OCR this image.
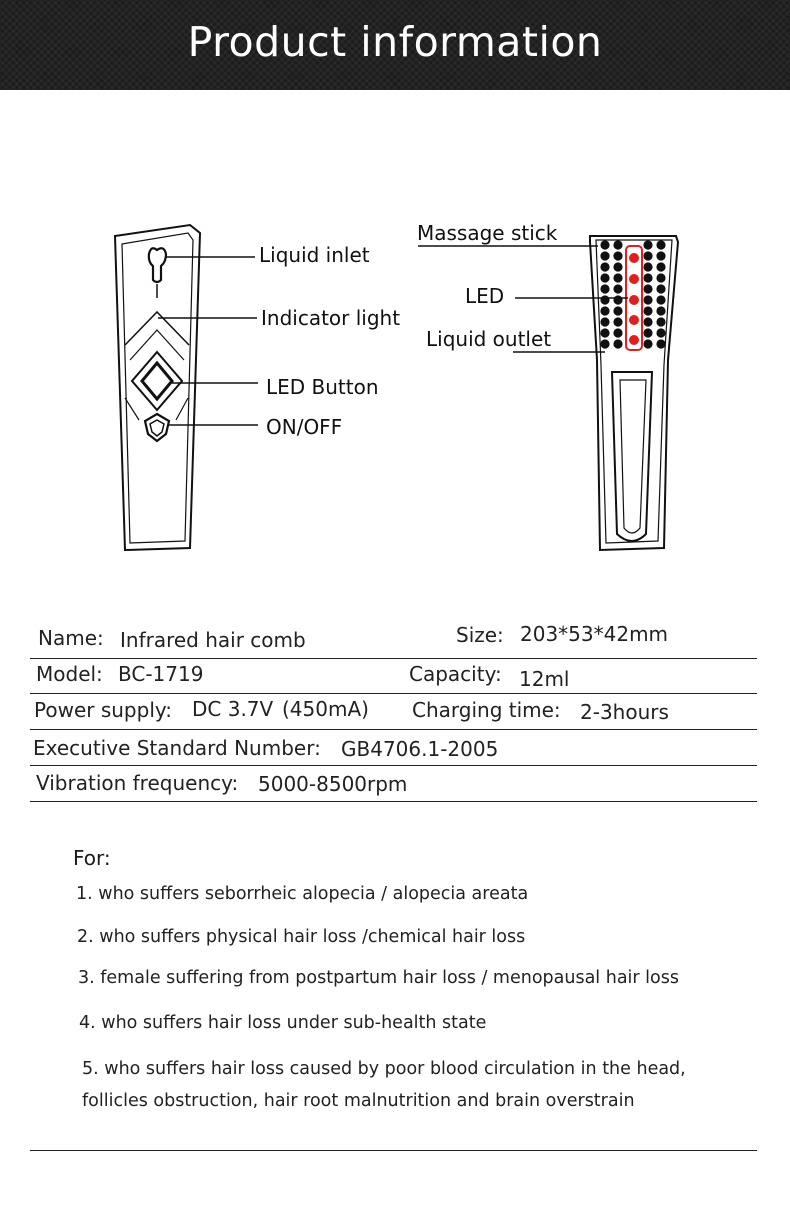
Product information
Liquid inlet
Indicator light
LED Button
ON/OFF
Massage stick
LED
Liquid outlet
Name: Infrared hair comb	Size: 203*53*42mm
Model: BC-1719	Capacity: 12ml
Power supply: DC 3.7V (450mA) Charging time: 2-3hours
Executive Standard Number: GB4706.1-2005
Vibration frequency: 5000-8500rpm
For:
1. who suffers seborrheic alopecia / alopecia areata
2. who suffers physical hair loss /chemical hair loss
3. female suffering from postpartum hair loss / menopausal hair loss
4. who suffers hair loss under sub-health state
5. who suffers hair loss caused by poor blood circulation in the head,
follicles obstruction, hair root malnutrition and brain overstrain
